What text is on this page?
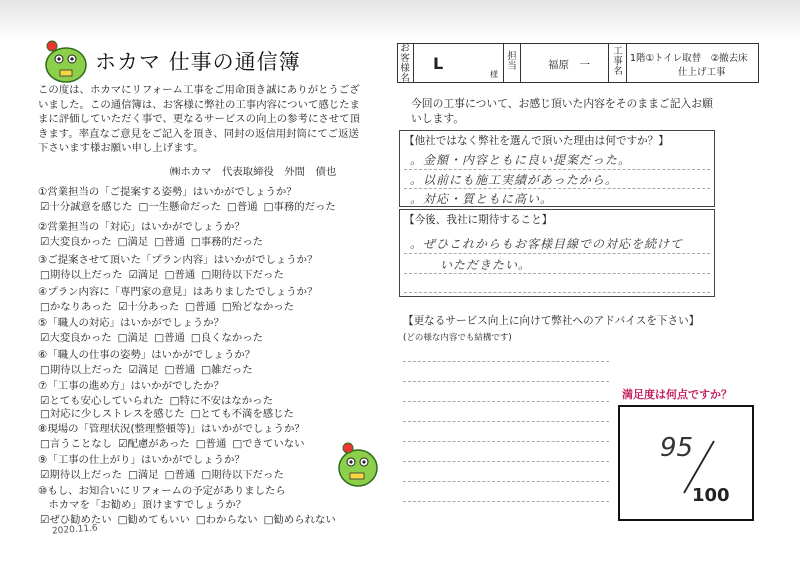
ホカマ 仕事の通信簿
この度は、ホカマにリフォーム工事をご用命頂き誠にありがとうございました。この通信簿は、お客様に弊社の工事内容について感じたままに評価していただく事で、更なるサービスの向上の参考にさせて頂きます。率直なご意見をご記入を頂き、同封の返信用封筒にてご返送下さいます様お願い申し上げます。
㈱ホカマ　代表取締役　外間　債也
①営業担当の「ご提案する姿勢」はいかがでしょうか？
☑十分誠意を感じた □一生懸命だった □普通 □事務的だった
②営業担当の「対応」はいかがでしょうか？
☑大変良かった □満足 □普通 □事務的だった
③ご提案させて頂いた「プラン内容」はいかがでしょうか？
□期待以上だった ☑満足 □普通 □期待以下だった
④プラン内容に「専門家の意見」はありましたでしょうか？
□かなりあった ☑十分あった □普通 □殆どなかった
⑤「職人の対応」はいかがでしょうか？
☑大変良かった □満足 □普通 □良くなかった
⑥「職人の仕事の姿勢」はいかがでしょうか？
□期待以上だった ☑満足 □普通 □雑だった
⑦「工事の進め方」はいかがでしたか？
☑とても安心していられた □特に不安はなかった
□対応に少しストレスを感じた □とても不満を感じた
⑧現場の「管理状況(整理整頓等)」はいかがでしょうか？
□言うことなし ☑配慮があった □普通 □できていない
⑨「工事の仕上がり」はいかがでしょうか？
☑期待以上だった □満足 □普通 □期待以下だった
⑩もし、お知合いにリフォームの予定がありましたら
　ホカマを「お勧め」頂けますでしょうか？
☑ぜひ勧めたい □勧めてもいい □わからない □勧められない
2020.11.6
お客様名
L
様
担当	福原　一
工事名
1階①トイレ取替　②撤去床
仕上げ工事
今回の工事について、お感じ頂いた内容をそのままご記入お願いします。
【他社ではなく弊社を選んで頂いた理由は何ですか？】
。金額・内容ともに良い提案だった。
。以前にも施工実績があったから。
。対応・質ともに高い。
【今後、我社に期待すること】
。ぜひこれからもお客様目線での対応を続けて
いただきたい。
【更なるサービス向上に向けて弊社へのアドバイスを下さい】
(どの様な内容でも結構です)
満足度は何点ですか？
95
100
